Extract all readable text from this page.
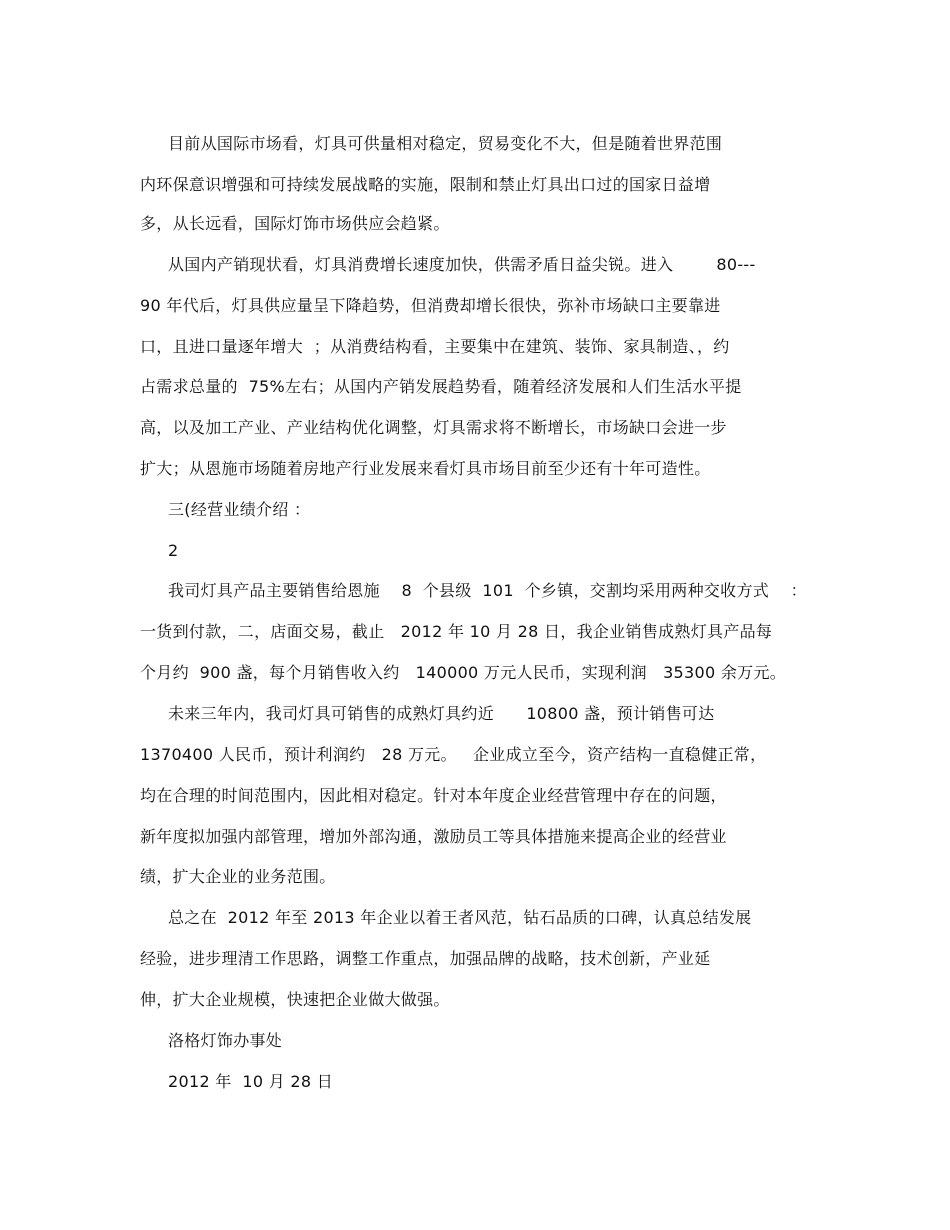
目前从国际市场看，灯具可供量相对稳定，贸易变化不大，但是随着世界范围
内环保意识增强和可持续发展战略的实施，限制和禁止灯具出口过的国家日益增
多，从长远看，国际灯饰市场供应会趋紧。
从国内产销现状看，灯具消费增长速度加快，供需矛盾日益尖锐。进入        80---
90 年代后，灯具供应量呈下降趋势，但消费却增长很快，弥补市场缺口主要靠进
口，且进口量逐年增大  ；从消费结构看，主要集中在建筑、装饰、家具制造、，约
占需求总量的  75%左右；从国内产销发展趋势看，随着经济发展和人们生活水平提
高，以及加工产业、产业结构优化调整，灯具需求将不断增长，市场缺口会进一步
扩大；从恩施市场随着房地产行业发展来看灯具市场目前至少还有十年可造性。
三(经营业绩介绍 ：
2
我司灯具产品主要销售给恩施    8  个县级  101  个乡镇，交割均采用两种交收方式    ：
一货到付款，二，店面交易，截止   2012 年 10 月 28 日，我企业销售成熟灯具产品每
个月约  900 盏，每个月销售收入约   140000 万元人民币，实现利润   35300 余万元。
未来三年内，我司灯具可销售的成熟灯具约近      10800 盏，预计销售可达
1370400 人民币，预计利润约   28 万元。   企业成立至今，资产结构一直稳健正常，
均在合理的时间范围内，因此相对稳定。针对本年度企业经营管理中存在的问题，
新年度拟加强内部管理，增加外部沟通，激励员工等具体措施来提高企业的经营业
绩，扩大企业的业务范围。
总之在  2012 年至 2013 年企业以着王者风范，钻石品质的口碑，认真总结发展
经验，进步理清工作思路，调整工作重点，加强品牌的战略，技术创新，产业延
伸，扩大企业规模，快速把企业做大做强。
洛格灯饰办事处
2012 年  10 月 28 日
